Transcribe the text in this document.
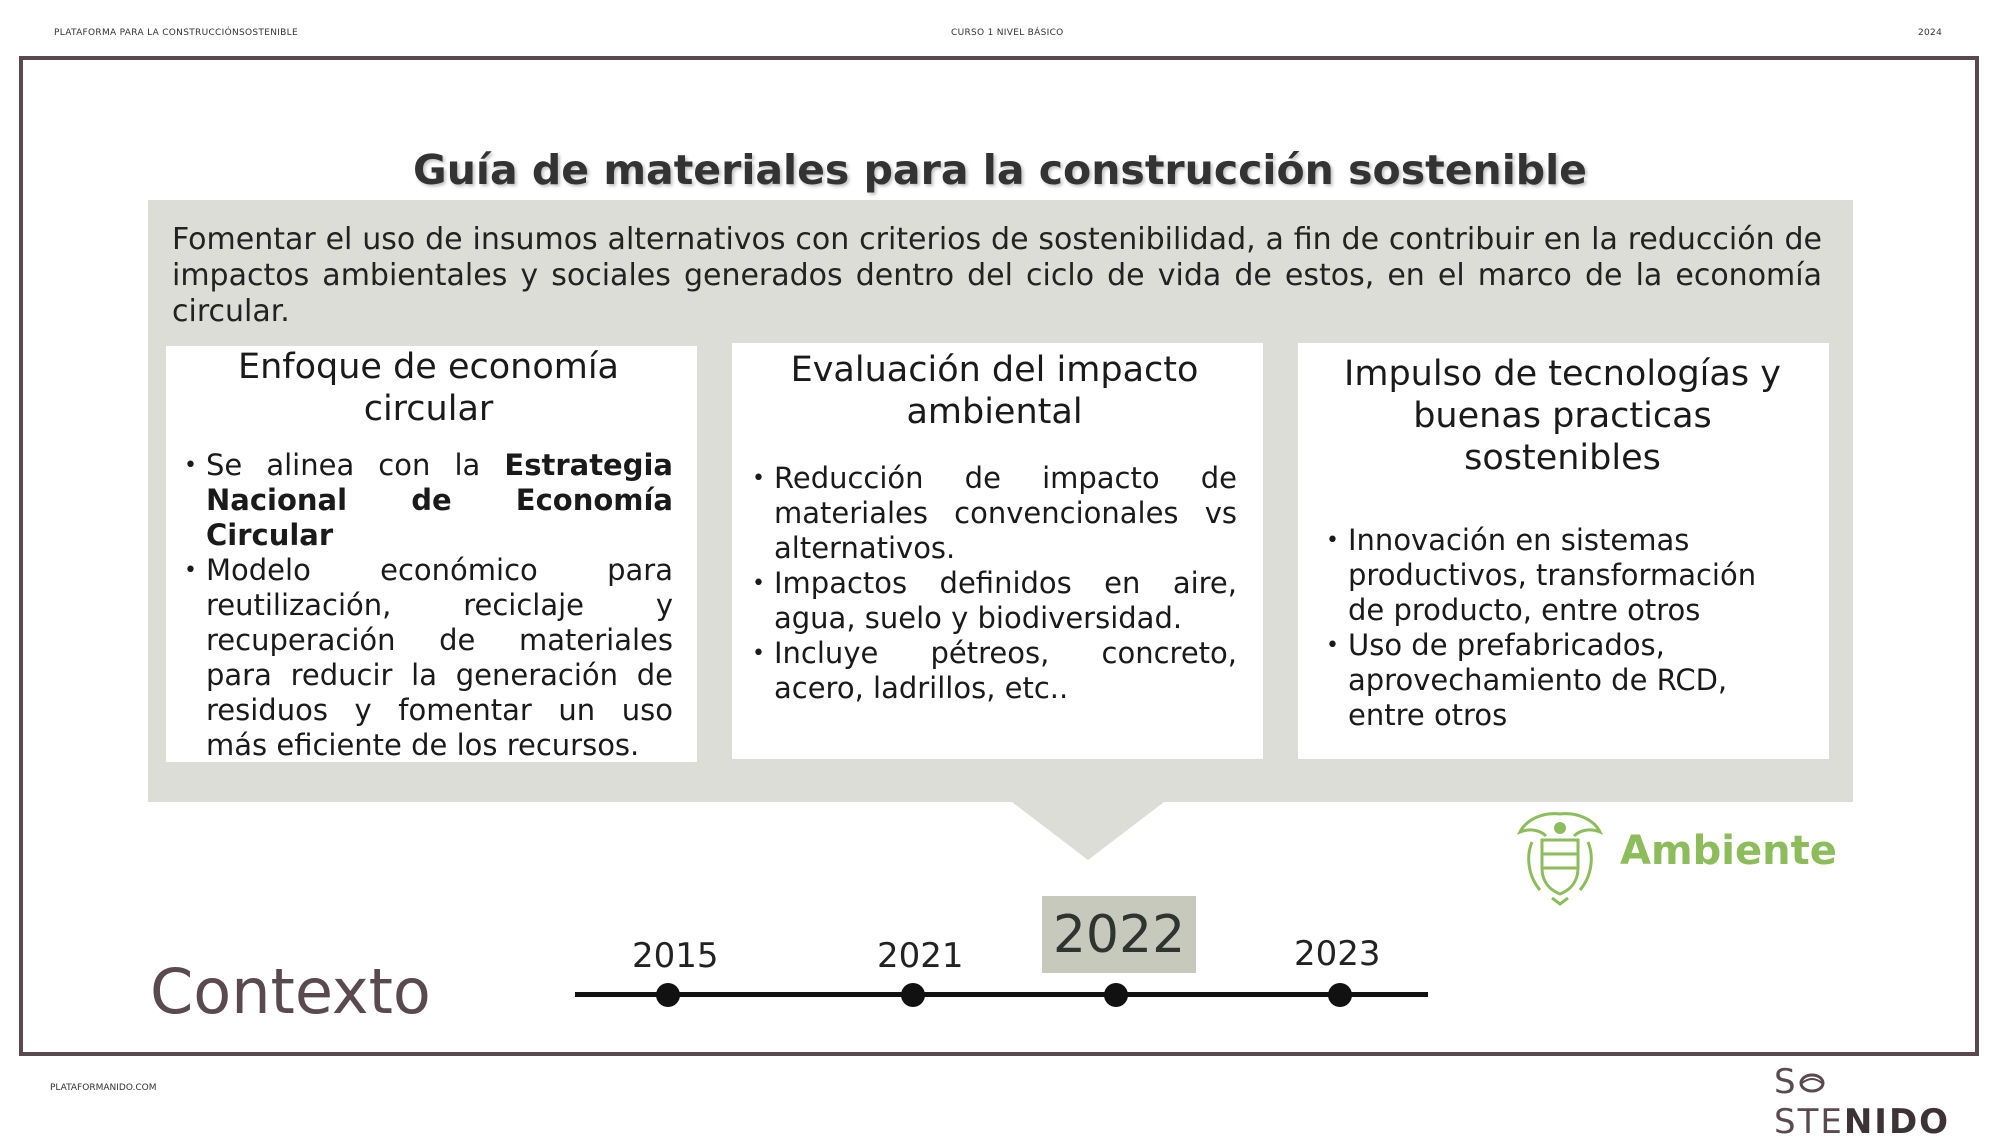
PLATAFORMA PARA LA CONSTRUCCIÓNSOSTENIBLE	CURSO 1 NIVEL BÁSICO	2024
Guía de materiales para la construcción sostenible
Fomentar el uso de insumos alternativos con criterios de sostenibilidad, a fin de contribuir en la reducción de impactos ambientales y sociales generados dentro del ciclo de vida de estos, en el marco de la economía circular.
Enfoque de economía circular
• Se alinea con la Estrategia Nacional de Economía Circular
• Modelo económico para reutilización, reciclaje y recuperación de materiales para reducir la generación de residuos y fomentar un uso más eficiente de los recursos.
Evaluación del impacto ambiental
• Reducción de impacto de materiales convencionales vs alternativos.
• Impactos definidos en aire, agua, suelo y biodiversidad.
• Incluye pétreos, concreto, acero, ladrillos, etc..
Impulso de tecnologías y buenas practicas sostenibles
• Innovación en sistemas productivos, transformación de producto, entre otros
• Uso de prefabricados, aprovechamiento de RCD, entre otros
Ambiente
2015	2021 2022	2023
Contexto
PLATAFORMANIDO.COM	SSTENIDO
